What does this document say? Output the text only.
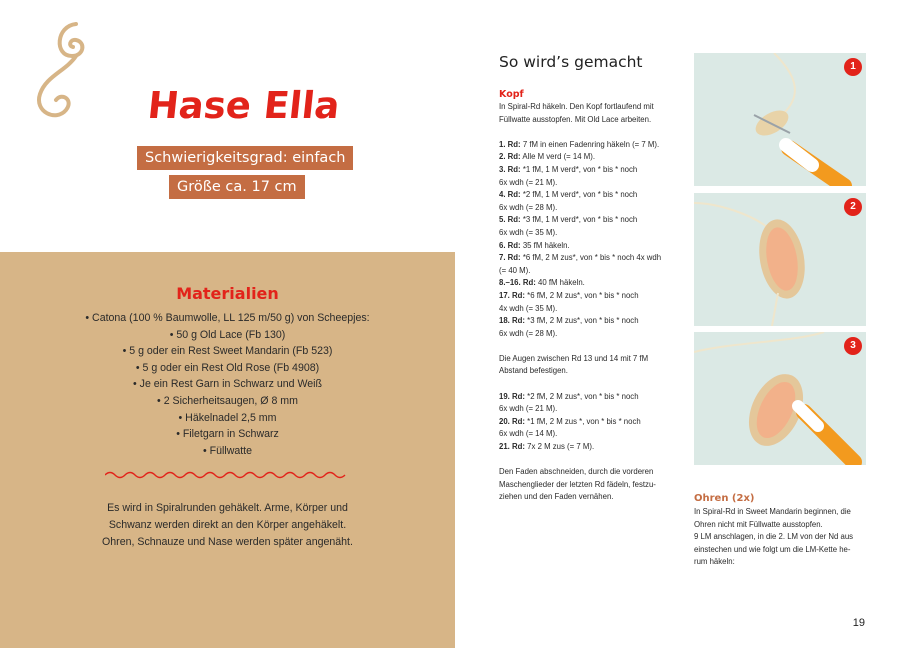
Hase Ella
Schwierigkeitsgrad: einfach
Größe ca. 17 cm
Materialien
• Catona (100 % Baumwolle, LL 125 m/50 g) von Scheepjes:
• 50 g Old Lace (Fb 130)
• 5 g oder ein Rest Sweet Mandarin (Fb 523)
• 5 g oder ein Rest Old Rose (Fb 4908)
• Je ein Rest Garn in Schwarz und Weiß
• 2 Sicherheitsaugen, Ø 8 mm
• Häkelnadel 2,5 mm
• Filetgarn in Schwarz
• Füllwatte

Es wird in Spiralrunden gehäkelt. Arme, Körper und

Schwanz werden direkt an den Körper angehäkelt.

Ohren, Schnauze und Nase werden später angenäht.

So wird’s gemacht
Kopf

In Spiral-Rd häkeln. Den Kopf fortlaufend mit

Füllwatte ausstopfen. Mit Old Lace arbeiten.

1. Rd: 7 fM in einen Fadenring häkeln (= 7 M).

2. Rd: Alle M verd (= 14 M).

3. Rd: *1 fM, 1 M verd*, von * bis * noch

6x wdh (= 21 M).

4. Rd: *2 fM, 1 M verd*, von * bis * noch

6x wdh (= 28 M).

5. Rd: *3 fM, 1 M verd*, von * bis * noch

6x wdh (= 35 M).

6. Rd: 35 fM häkeln.

7. Rd: *6 fM, 2 M zus*, von * bis * noch 4x wdh

(= 40 M).

8.–16. Rd: 40 fM häkeln.

17. Rd: *6 fM, 2 M zus*, von * bis * noch

4x wdh (= 35 M).

18. Rd: *3 fM, 2 M zus*, von * bis * noch

6x wdh (= 28 M).

Die Augen zwischen Rd 13 und 14 mit 7 fM

Abstand befestigen.

19. Rd: *2 fM, 2 M zus*, von * bis * noch

6x wdh (= 21 M).

20. Rd: *1 fM, 2 M zus *, von * bis * noch

6x wdh (= 14 M).

21. Rd: 7x 2 M zus (= 7 M).

Den Faden abschneiden, durch die vorderen

Maschenglieder der letzten Rd fädeln, festzu-

ziehen und den Faden vernähen.

1
2
3
Ohren (2x)

In Spiral-Rd in Sweet Mandarin beginnen, die

Ohren nicht mit Füllwatte ausstopfen.

9 LM anschlagen, in die 2. LM von der Nd aus

einstechen und wie folgt um die LM-Kette he-

rum häkeln:

19
